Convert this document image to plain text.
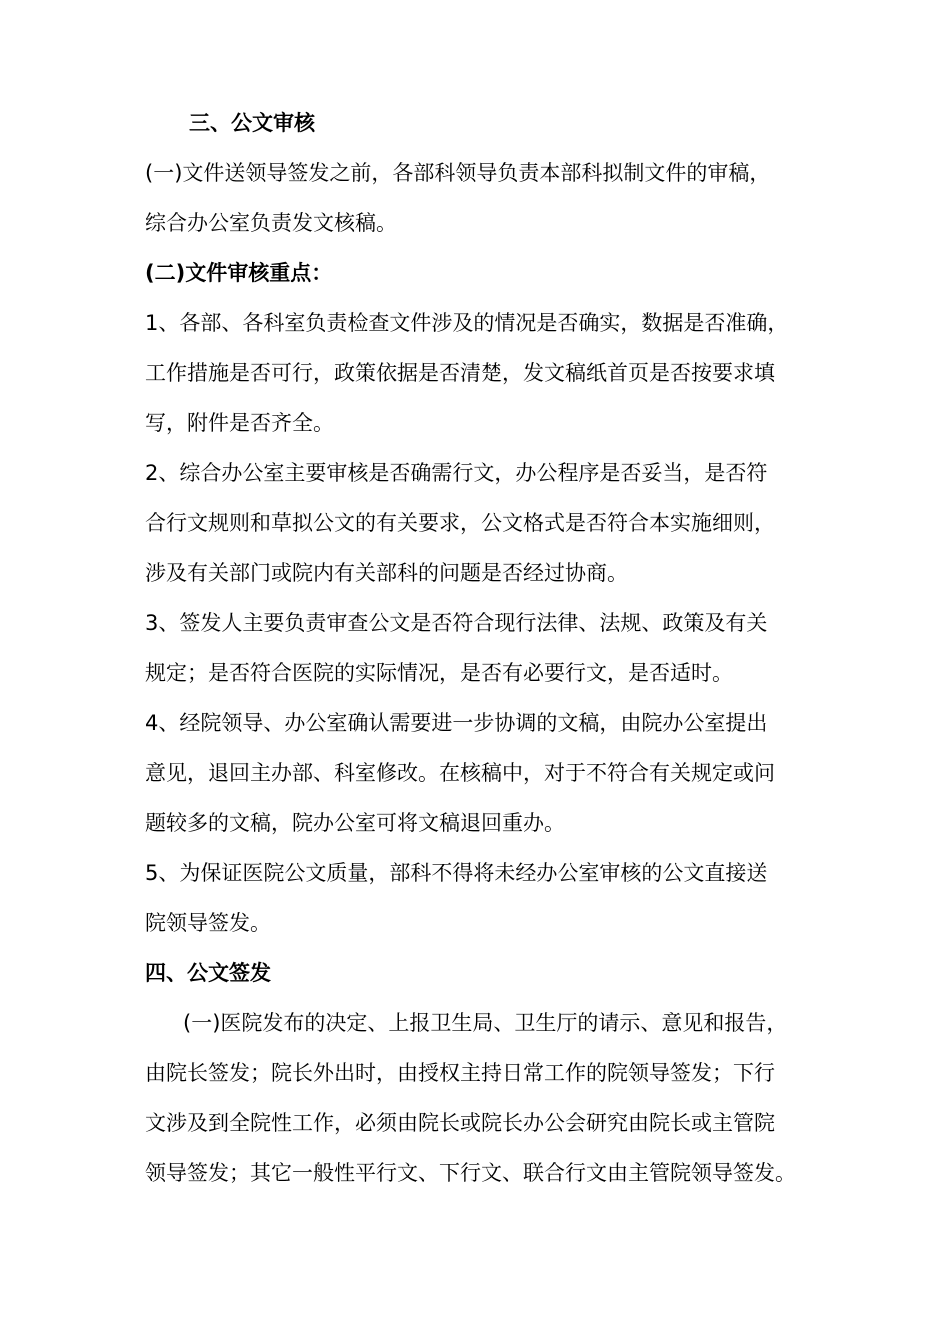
三、公文审核
(一)文件送领导签发之前，各部科领导负责本部科拟制文件的审稿，
综合办公室负责发文核稿。
(二)文件审核重点：
1、各部、各科室负责检查文件涉及的情况是否确实，数据是否准确，
工作措施是否可行，政策依据是否清楚，发文稿纸首页是否按要求填
写，附件是否齐全。
2、综合办公室主要审核是否确需行文，办公程序是否妥当，是否符
合行文规则和草拟公文的有关要求，公文格式是否符合本实施细则，
涉及有关部门或院内有关部科的问题是否经过协商。
3、签发人主要负责审查公文是否符合现行法律、法规、政策及有关
规定；是否符合医院的实际情况，是否有必要行文，是否适时。
4、经院领导、办公室确认需要进一步协调的文稿，由院办公室提出
意见，退回主办部、科室修改。在核稿中，对于不符合有关规定或问
题较多的文稿，院办公室可将文稿退回重办。
5、为保证医院公文质量，部科不得将未经办公室审核的公文直接送
院领导签发。
四、公文签发
(一)医院发布的决定、上报卫生局、卫生厅的请示、意见和报告，
由院长签发；院长外出时，由授权主持日常工作的院领导签发；下行
文涉及到全院性工作，必须由院长或院长办公会研究由院长或主管院
领导签发；其它一般性平行文、下行文、联合行文由主管院领导签发。
